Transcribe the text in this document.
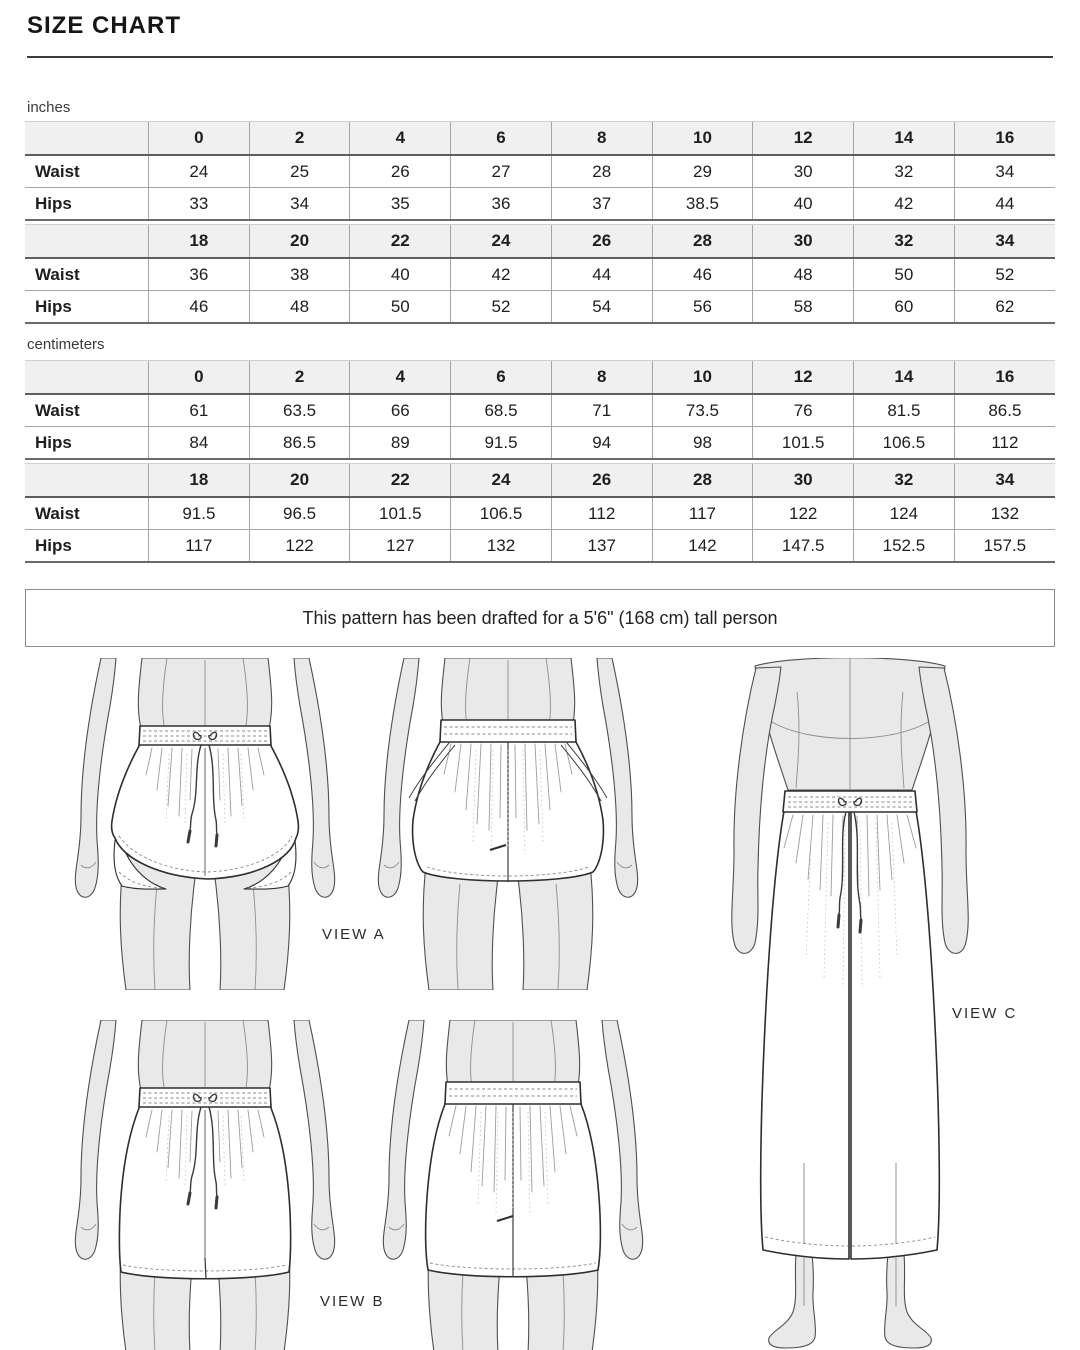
SIZE CHART
inches
	0	2	4	6	8	10	12	14	16
Waist	24	25	26	27	28	29	30	32	34
Hips	33	34	35	36	37	38.5	40	42	44
	18	20	22	24	26	28	30	32	34
Waist	36	38	40	42	44	46	48	50	52
Hips	46	48	50	52	54	56	58	60	62
centimeters
	0	2	4	6	8	10	12	14	16
Waist	61	63.5	66	68.5	71	73.5	76	81.5	86.5
Hips	84	86.5	89	91.5	94	98	101.5	106.5	112
	18	20	22	24	26	28	30	32	34
Waist	91.5	96.5	101.5	106.5	112	117	122	124	132
Hips	117	122	127	132	137	142	147.5	152.5	157.5
This pattern has been drafted for a 5'6" (168 cm) tall person
VIEW A
VIEW B
VIEW C
